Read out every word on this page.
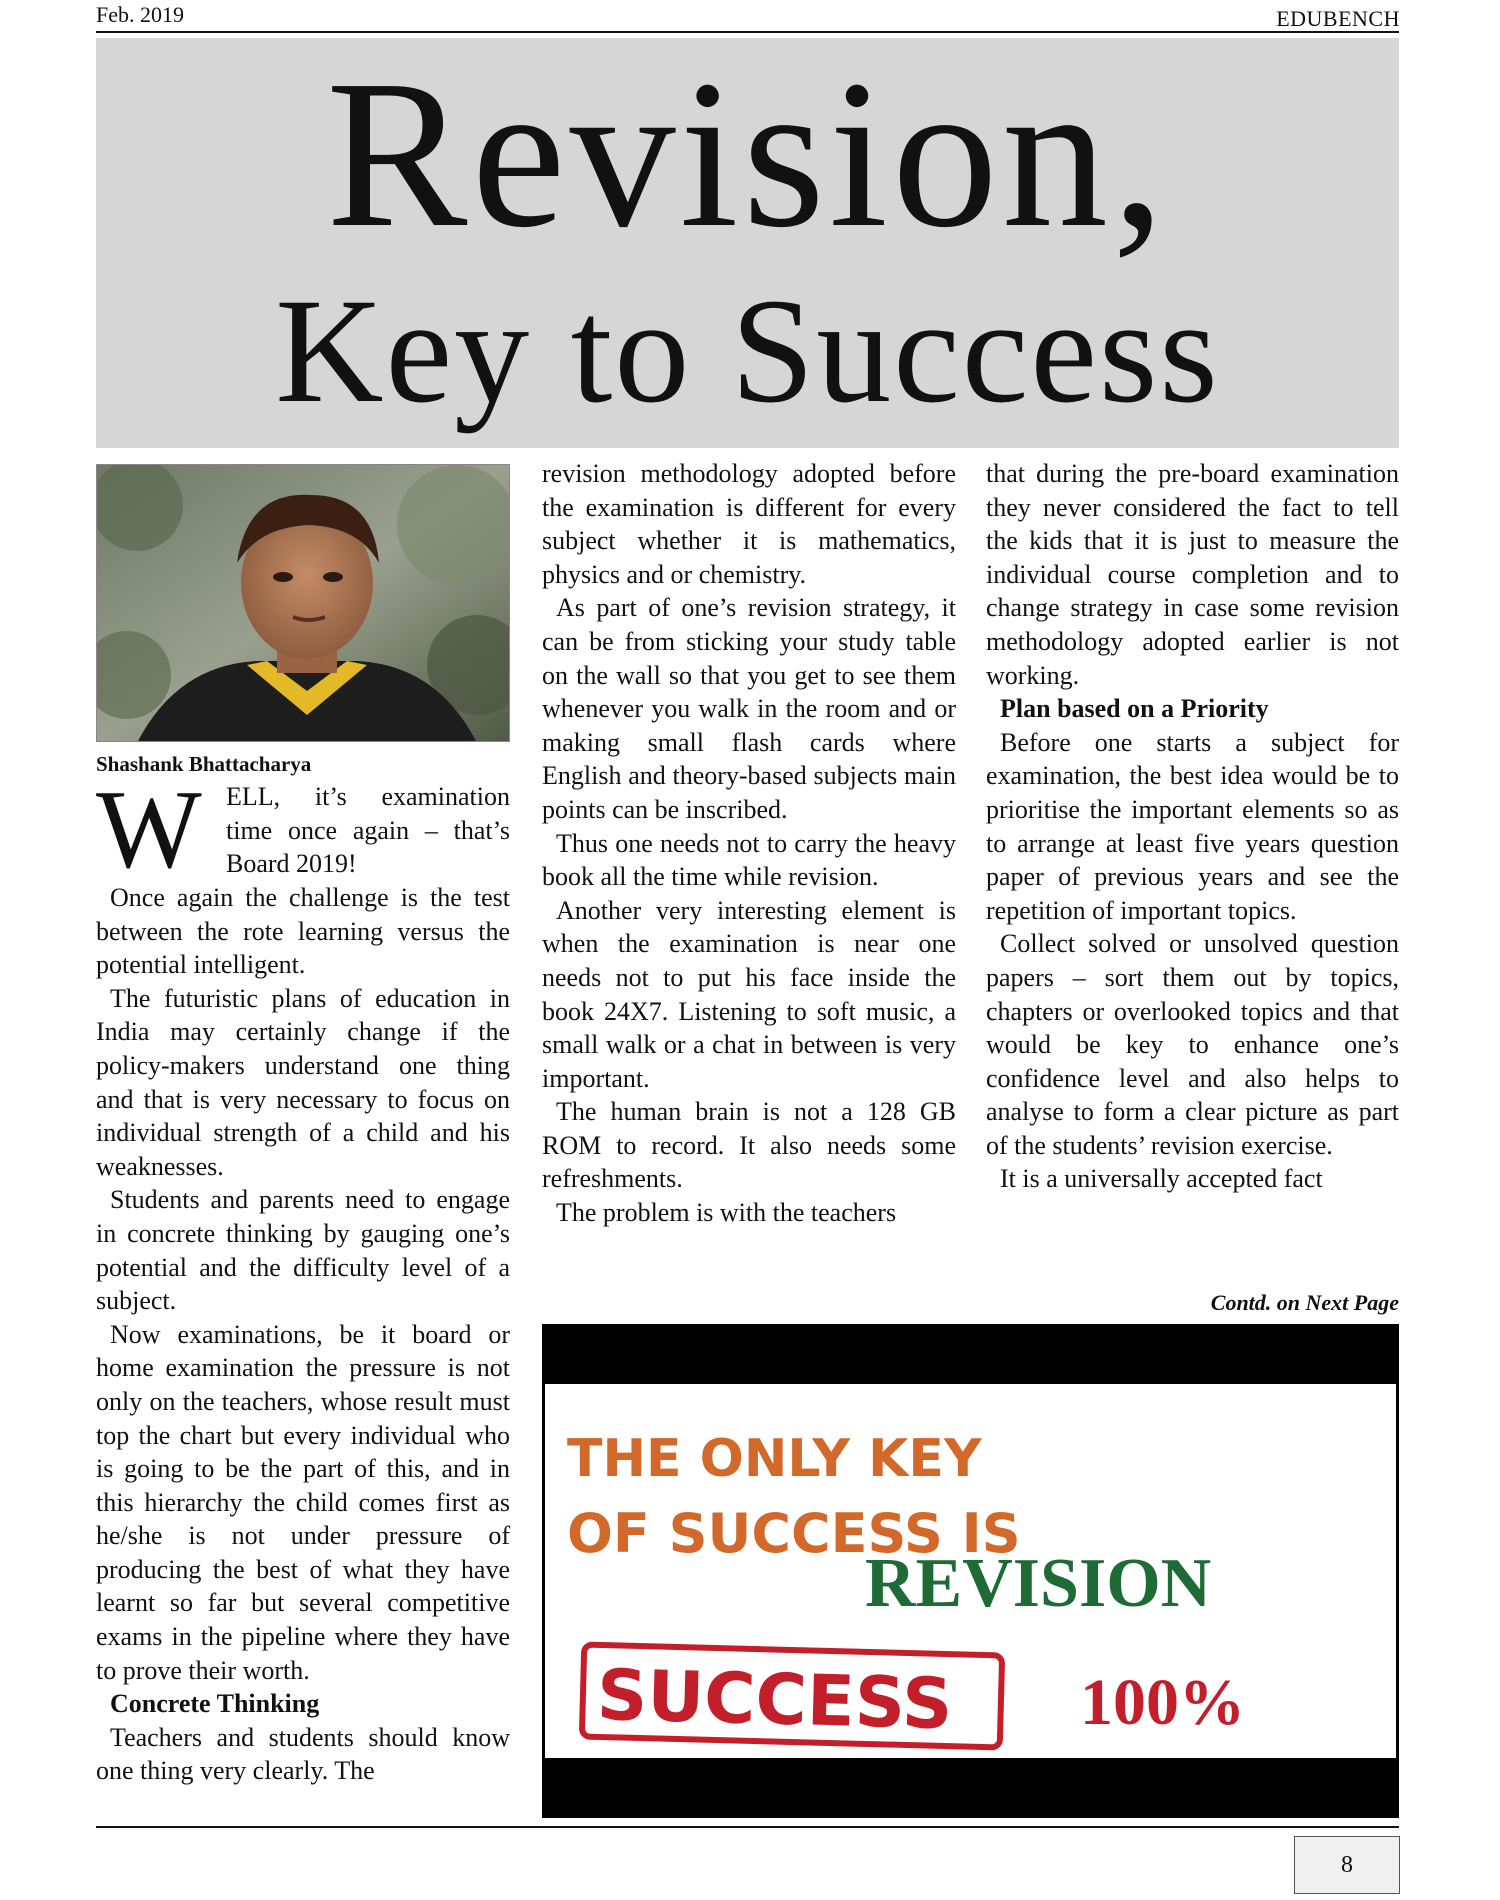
Feb. 2019	EDUBENCH
Revision,
Key to Success
Shashank Bhattacharya
W ELL, it’s examination
time once again – that’s
Board 2019!

Once again the challenge is the test between the rote learning versus the potential intelligent.

The futuristic plans of education in India may certainly change if the policy-makers understand one thing and that is very necessary to focus on individual strength of a child and his weaknesses.

Students and parents need to engage in concrete thinking by gauging one’s potential and the difficulty level of a subject.

Now examinations, be it board or home examination the pressure is not only on the teachers, whose result must top the chart but every individual who is going to be the part of this, and in this hierarchy the child comes first as he/she is not under pressure of producing the best of what they have learnt so far but several competitive exams in the pipeline where they have to prove their worth.

Concrete Thinking

Teachers and students should know one thing very clearly. The

revision methodology adopted before the examination is different for every subject whether it is mathematics, physics and or chemistry.

As part of one’s revision strategy, it can be from sticking your study table on the wall so that you get to see them whenever you walk in the room and or making small flash cards where English and theory-based subjects main points can be inscribed.

Thus one needs not to carry the heavy book all the time while revision.

Another very interesting element is when the examination is near one needs not to put his face inside the book 24X7. Listening to soft music, a small walk or a chat in between is very important.

The human brain is not a 128 GB ROM to record. It also needs some refreshments.

The problem is with the teachers

that during the pre-board examination they never considered the fact to tell the kids that it is just to measure the individual course completion and to change strategy in case some revision methodology adopted earlier is not working.

Plan based on a Priority

Before one starts a subject for examination, the best idea would be to prioritise the important elements so as to arrange at least five years question paper of previous years and see the repetition of important topics.

Collect solved or unsolved question papers – sort them out by topics, chapters or overlooked topics and that would be key to enhance one’s confidence level and also helps to analyse to form a clear picture as part of the students’ revision exercise.

It is a universally accepted fact

Contd. on Next Page
THE ONLY KEY
OF SUCCESS IS
REVISION
SUCCESS 100%
8
